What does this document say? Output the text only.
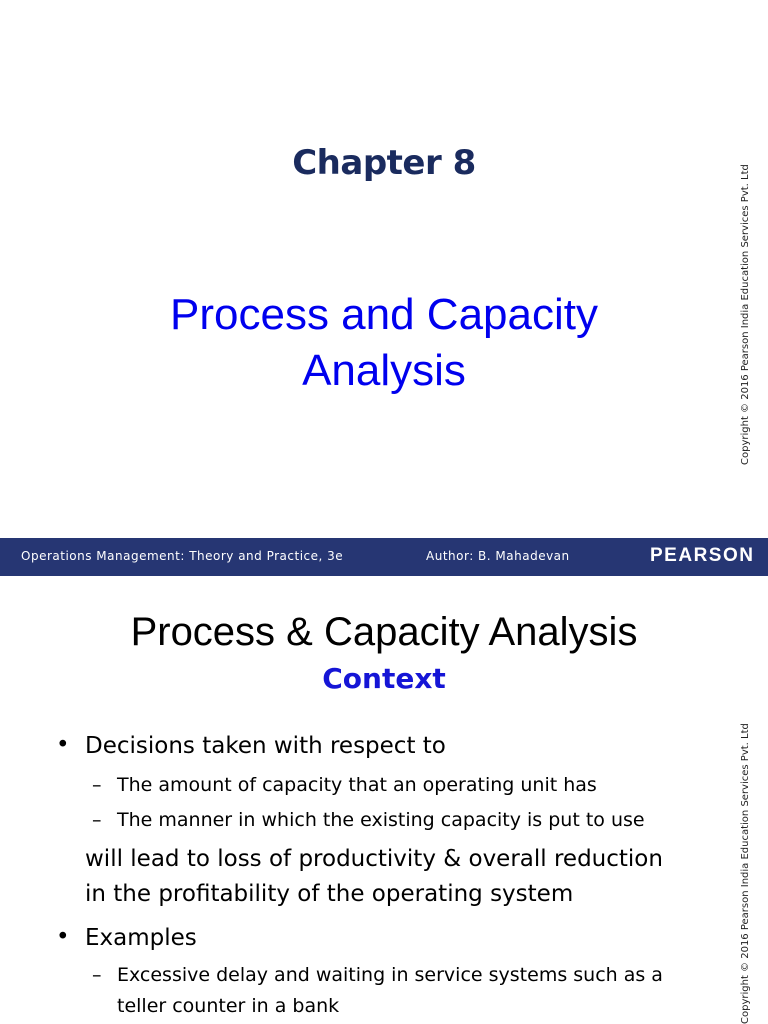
Chapter 8
Process and Capacity
Analysis	Copyright © 2016 Pearson India Education Services Pvt. Ltd
Operations Management: Theory and Practice, 3e	Author: B. Mahadevan	PEARSON
Process & Capacity Analysis
Context
• Decisions taken with respect to
– The amount of capacity that an operating unit has
– The manner in which the existing capacity is put to use
will lead to loss of productivity & overall reduction
in the profitability of the operating system
• Examples
– Excessive delay and waiting in service systems such as a
teller counter in a bank	Copyright © 2016 Pearson India Education Services Pvt. Ltd
